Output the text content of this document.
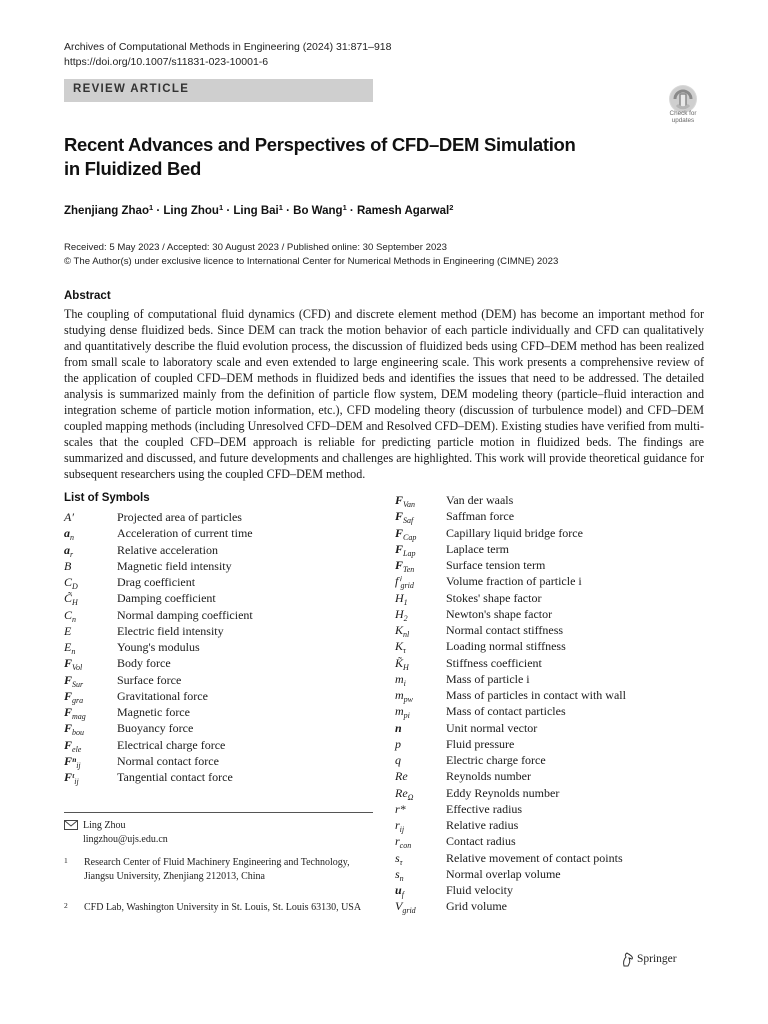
Archives of Computational Methods in Engineering (2024) 31:871–918
https://doi.org/10.1007/s11831-023-10001-6
REVIEW ARTICLE
Check for
updates
Recent Advances and Perspectives of CFD–DEM Simulation
in Fluidized Bed
Zhenjiang Zhao$^1$ · Ling Zhou$^1$ · Ling Bai$^1$ · Bo Wang$^1$ · Ramesh Agarwal$^2$
Received: 5 May 2023 / Accepted: 30 August 2023 / Published online: 30 September 2023
© The Author(s) under exclusive licence to International Center for Numerical Methods in Engineering (CIMNE) 2023
Abstract
The coupling of computational fluid dynamics (CFD) and discrete element method (DEM) has become an important method for studying dense fluidized beds. Since DEM can track the motion behavior of each particle individually and CFD can qualitatively and quantitatively describe the fluid evolution process, the discussion of fluidized beds using CFD–DEM method has been realized from small scale to laboratory scale and even extended to large engineering scale. This work presents a comprehensive review of the application of coupled CFD–DEM methods in fluidized beds and identifies the issues that need to be addressed. The detailed analysis is summarized mainly from the definition of particle flow system, DEM modeling theory (particle–fluid interaction and integration scheme of particle motion information, etc.), CFD modeling theory (discussion of turbulence model) and CFD–DEM coupled mapping methods (including Unresolved CFD–DEM and Resolved CFD–DEM). Existing studies have verified from multi-scales that the coupled CFD–DEM approach is reliable for predicting particle motion in fluidized beds. The findings are summarized and discussed, and future developments and challenges are highlighted. This work will provide theoretical guidance for subsequent researchers using the coupled CFD–DEM method.
List of Symbols
A′	Projected area of particles
$a_n$	Acceleration of current time
$a_r$	Relative acceleration
B	Magnetic field intensity
$C_D$	Drag coefficient
$C̃_H$	Damping coefficient
$C_n$	Normal damping coefficient
E	Electric field intensity
$E_n$	Young's modulus
$F_{Vol}$	Body force
$F_{Sur}$	Surface force
$F_{gra}$	Gravitational force
$F_{mag}$	Magnetic force
$F_{bou}$	Buoyancy force
$F_{ele}$	Electrical charge force
Fⁿ$_{ij}$	Normal contact force
Fᵗ$_{ij}$	Tangential contact force
$F_{Van}$	Van der waals
$F_{Saf}$	Saffman force
$F_{Cap}$	Capillary liquid bridge force
$F_{Lap}$	Laplace term
$F_{Ten}$	Surface tension term
fⁱ$_{grid}$	Volume fraction of particle i
$H_1$	Stokes' shape factor
$H_2$	Newton's shape factor
$K_{nl}$	Normal contact stiffness
$K_\tau$	Loading normal stiffness
$K̃_H$	Stiffness coefficient
$m_i$	Mass of particle i
$m_{pw}$	Mass of particles in contact with wall
$m_{pi}$	Mass of contact particles
n	Unit normal vector
p	Fluid pressure
q	Electric charge force
Re	Reynolds number
$Re_\Omega$	Eddy Reynolds number
r*	Effective radius
$r_{ij}$	Relative radius
$r_{con}$	Contact radius
$s_\tau$	Relative movement of contact points
$s_n$	Normal overlap volume
$u_f$	Fluid velocity
$V_{grid}$	Grid volume
Ling Zhou
lingzhou@ujs.edu.cn
1 Research Center of Fluid Machinery Engineering and Technology, Jiangsu University, Zhenjiang 212013, China
2 CFD Lab, Washington University in St. Louis, St. Louis 63130, USA
Springer
